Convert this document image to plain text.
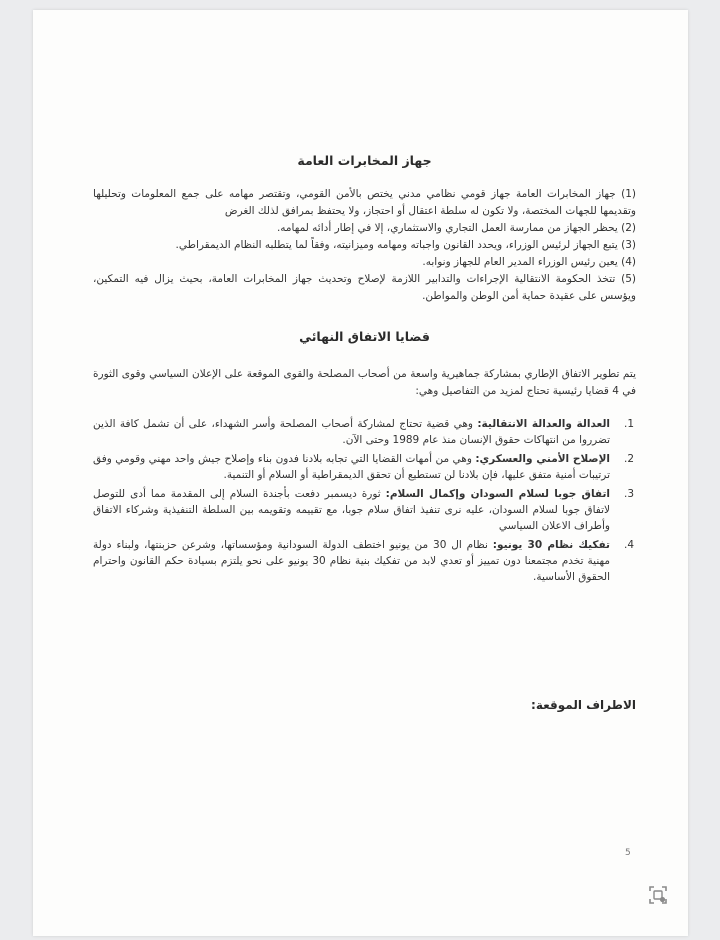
جهاز المخابرات العامة
(1) جهاز المخابرات العامة جهاز قومي نظامي مدني يختص بالأمن القومي، وتقتصر مهامه على جمع المعلومات وتحليلها وتقديمها للجهات المختصة، ولا تكون له سلطة اعتقال أو احتجاز، ولا يحتفظ بمرافق لذلك الغرض
(2) يحظر الجهاز من ممارسة العمل التجاري والاستثماري، إلا في إطار أدائه لمهامه.
(3) يتبع الجهاز لرئيس الوزراء، ويحدد القانون واجباته ومهامه وميزانيته، وفقاً لما يتطلبه النظام الديمقراطي.
(4) يعين رئيس الوزراء المدير العام للجهاز ونوابه.
(5) تتخذ الحكومة الانتقالية الإجراءات والتدابير اللازمة لإصلاح وتحديث جهاز المخابرات العامة، بحيث يزال فيه التمكين، ويؤسس على عقيدة حماية أمن الوطن والمواطن.
قضايا الاتفاق النهائي

يتم تطوير الاتفاق الإطاري بمشاركة جماهيرية واسعة من أصحاب المصلحة والقوى الموقعة على الإعلان السياسي وقوى الثورة في 4 قضايا رئيسية تحتاج لمزيد من التفاصيل وهي:

1.
العدالة والعدالة الانتقالية: وهي قضية تحتاج لمشاركة أصحاب المصلحة وأسر الشهداء، على أن تشمل كافة الذين تضرروا من انتهاكات حقوق الإنسان منذ عام 1989 وحتى الآن.
2.
الإصلاح الأمني والعسكري: وهي من أمهات القضايا التي تجابه بلادنا فدون بناء وإصلاح جيش واحد مهني وقومي وفق ترتيبات أمنية متفق عليها، فإن بلادنا لن تستطيع أن تحقق الديمقراطية أو السلام أو التنمية.
3.
اتفاق جوبا لسلام السودان وإكمال السلام: ثورة ديسمبر دفعت بأجندة السلام إلى المقدمة مما أدى للتوصل لاتفاق جوبا لسلام السودان، عليه نرى تنفيذ اتفاق سلام جوبا، مع تقييمه وتقويمه بين السلطة التنفيذية وشركاء الاتفاق وأطراف الاعلان السياسي
4.
تفكيك نظام 30 يونيو: نظام ال 30 من يونيو اختطف الدولة السودانية ومؤسساتها، وشرعن حزبنتها، ولبناء دولة مهنية تخدم مجتمعنا دون تمييز أو تعدي لابد من تفكيك بنية نظام 30 يونيو على نحو يلتزم بسيادة حكم القانون واحترام الحقوق الأساسية.
الاطراف الموقعة:
5
